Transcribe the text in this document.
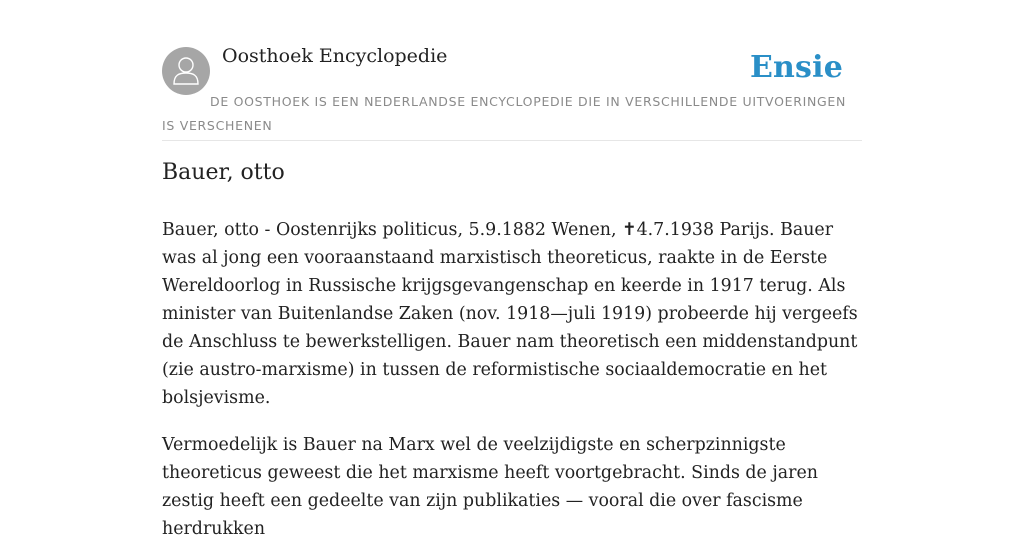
Oosthoek Encyclopedie	Ensie
DE OOSTHOEK IS EEN NEDERLANDSE ENCYCLOPEDIE DIE IN VERSCHILLENDE UITVOERINGEN IS VERSCHENEN
Bauer, otto

Bauer, otto - Oostenrijks politicus, 5.9.1882 Wenen, ✝4.7.1938 Parijs. Bauer was al jong een vooraanstaand marxistisch theoreticus, raakte in de Eerste Wereldoorlog in Russische krijgsgevangenschap en keerde in 1917 terug. Als minister van Buitenlandse Zaken (nov. 1918—juli 1919) probeerde hij vergeefs de Anschluss te bewerkstelligen. Bauer nam theoretisch een middenstandpunt (zie austro-marxisme) in tussen de reformistische sociaaldemocratie en het bolsjevisme.

Vermoedelijk is Bauer na Marx wel de veelzijdigste en scherpzinnigste theoreticus geweest die het marxisme heeft voortgebracht. Sinds de jaren zestig heeft een gedeelte van zijn publikaties — vooral die over fascisme herdrukken
